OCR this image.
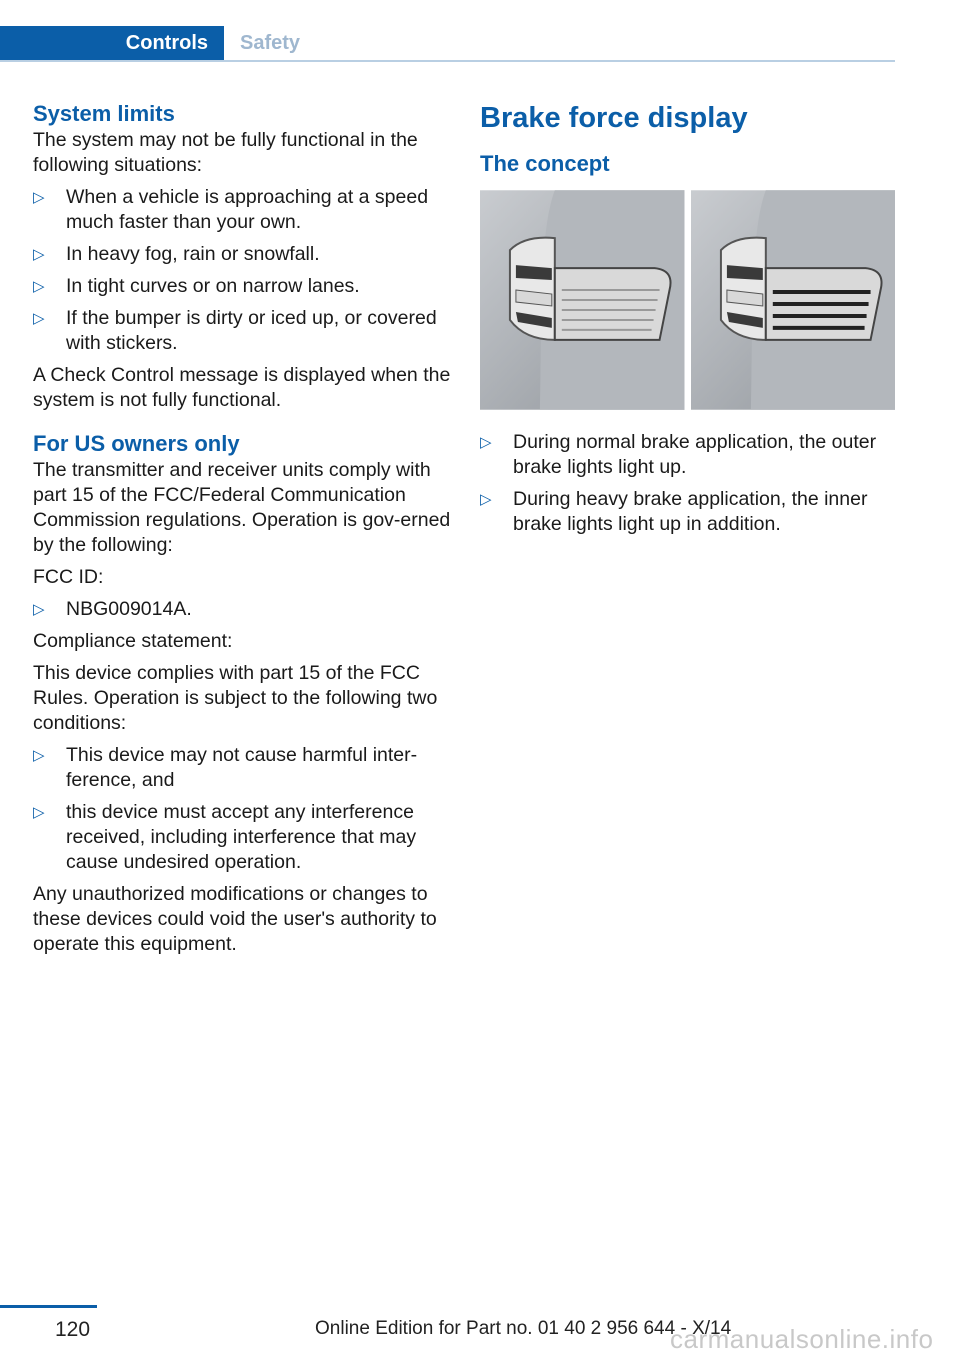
Controls	Safety
System limits

The system may not be fully functional in the following situations:

▷ When a vehicle is approaching at a speed much faster than your own.
▷ In heavy fog, rain or snowfall.
▷ In tight curves or on narrow lanes.
▷ If the bumper is dirty or iced up, or covered with stickers.

A Check Control message is displayed when the system is not fully functional.

For US owners only

The transmitter and receiver units comply with part 15 of the FCC/Federal Communication Commission regulations. Operation is gov-erned by the following:

FCC ID:

▷ NBG009014A.

Compliance statement:

This device complies with part 15 of the FCC Rules. Operation is subject to the following two conditions:

▷ This device may not cause harmful inter-ference, and
▷ this device must accept any interference received, including interference that may cause undesired operation.

Any unauthorized modifications or changes to these devices could void the user's authority to operate this equipment.

Brake force display
The concept
▷ During normal brake application, the outer brake lights light up.
▷ During heavy brake application, the inner brake lights light up in addition.
120	Online Edition for Part no. 01 40 2 956 644 - X/14
carmanualsonline.info
